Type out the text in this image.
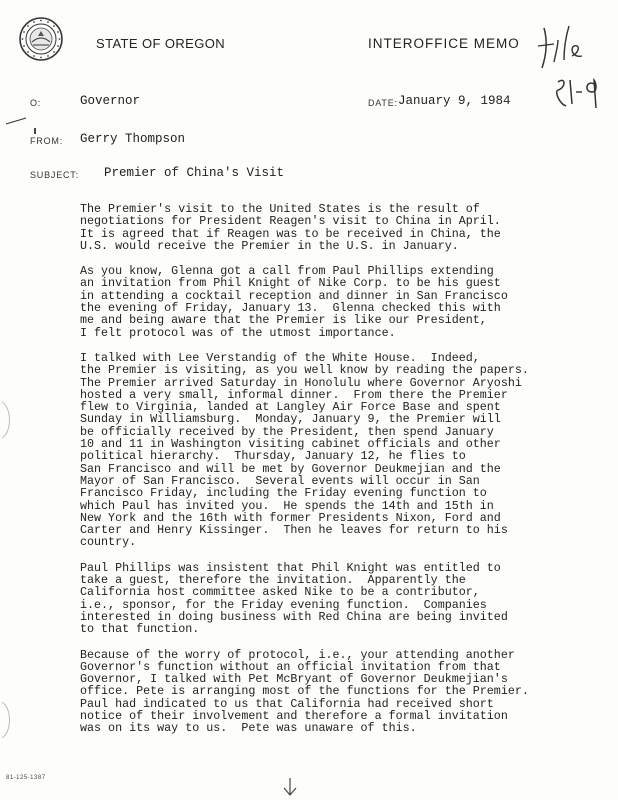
STATE OF OREGON	INTEROFFICE MEMO
O:	Governor	DATE: January 9, 1984
FROM: Gerry Thompson
SUBJECT: Premier of China's Visit

The Premier's visit to the United States is the result of
negotiations for President Reagen's visit to China in April.
It is agreed that if Reagen was to be received in China, the
U.S. would receive the Premier in the U.S. in January.

As you know, Glenna got a call from Paul Phillips extending
an invitation from Phil Knight of Nike Corp. to be his guest
in attending a cocktail reception and dinner in San Francisco
the evening of Friday, January 13.  Glenna checked this with
me and being aware that the Premier is like our President,
I felt protocol was of the utmost importance.

I talked with Lee Verstandig of the White House.  Indeed,
the Premier is visiting, as you well know by reading the papers.
The Premier arrived Saturday in Honolulu where Governor Aryoshi
hosted a very small, informal dinner.  From there the Premier
flew to Virginia, landed at Langley Air Force Base and spent
Sunday in Williamsburg.  Monday, January 9, the Premier will
be officially received by the President, then spend January
10 and 11 in Washington visiting cabinet officials and other
political hierarchy.  Thursday, January 12, he flies to
San Francisco and will be met by Governor Deukmejian and the
Mayor of San Francisco.  Several events will occur in San
Francisco Friday, including the Friday evening function to
which Paul has invited you.  He spends the 14th and 15th in
New York and the 16th with former Presidents Nixon, Ford and
Carter and Henry Kissinger.  Then he leaves for return to his
country.

Paul Phillips was insistent that Phil Knight was entitled to
take a guest, therefore the invitation.  Apparently the
California host committee asked Nike to be a contributor,
i.e., sponsor, for the Friday evening function.  Companies
interested in doing business with Red China are being invited
to that function.

Because of the worry of protocol, i.e., your attending another
Governor's function without an official invitation from that
Governor, I talked with Pet McBryant of Governor Deukmejian's
office. Pete is arranging most of the functions for the Premier.
Paul had indicated to us that California had received short
notice of their involvement and therefore a formal invitation
was on its way to us.  Pete was unaware of this.

81-125-1387
